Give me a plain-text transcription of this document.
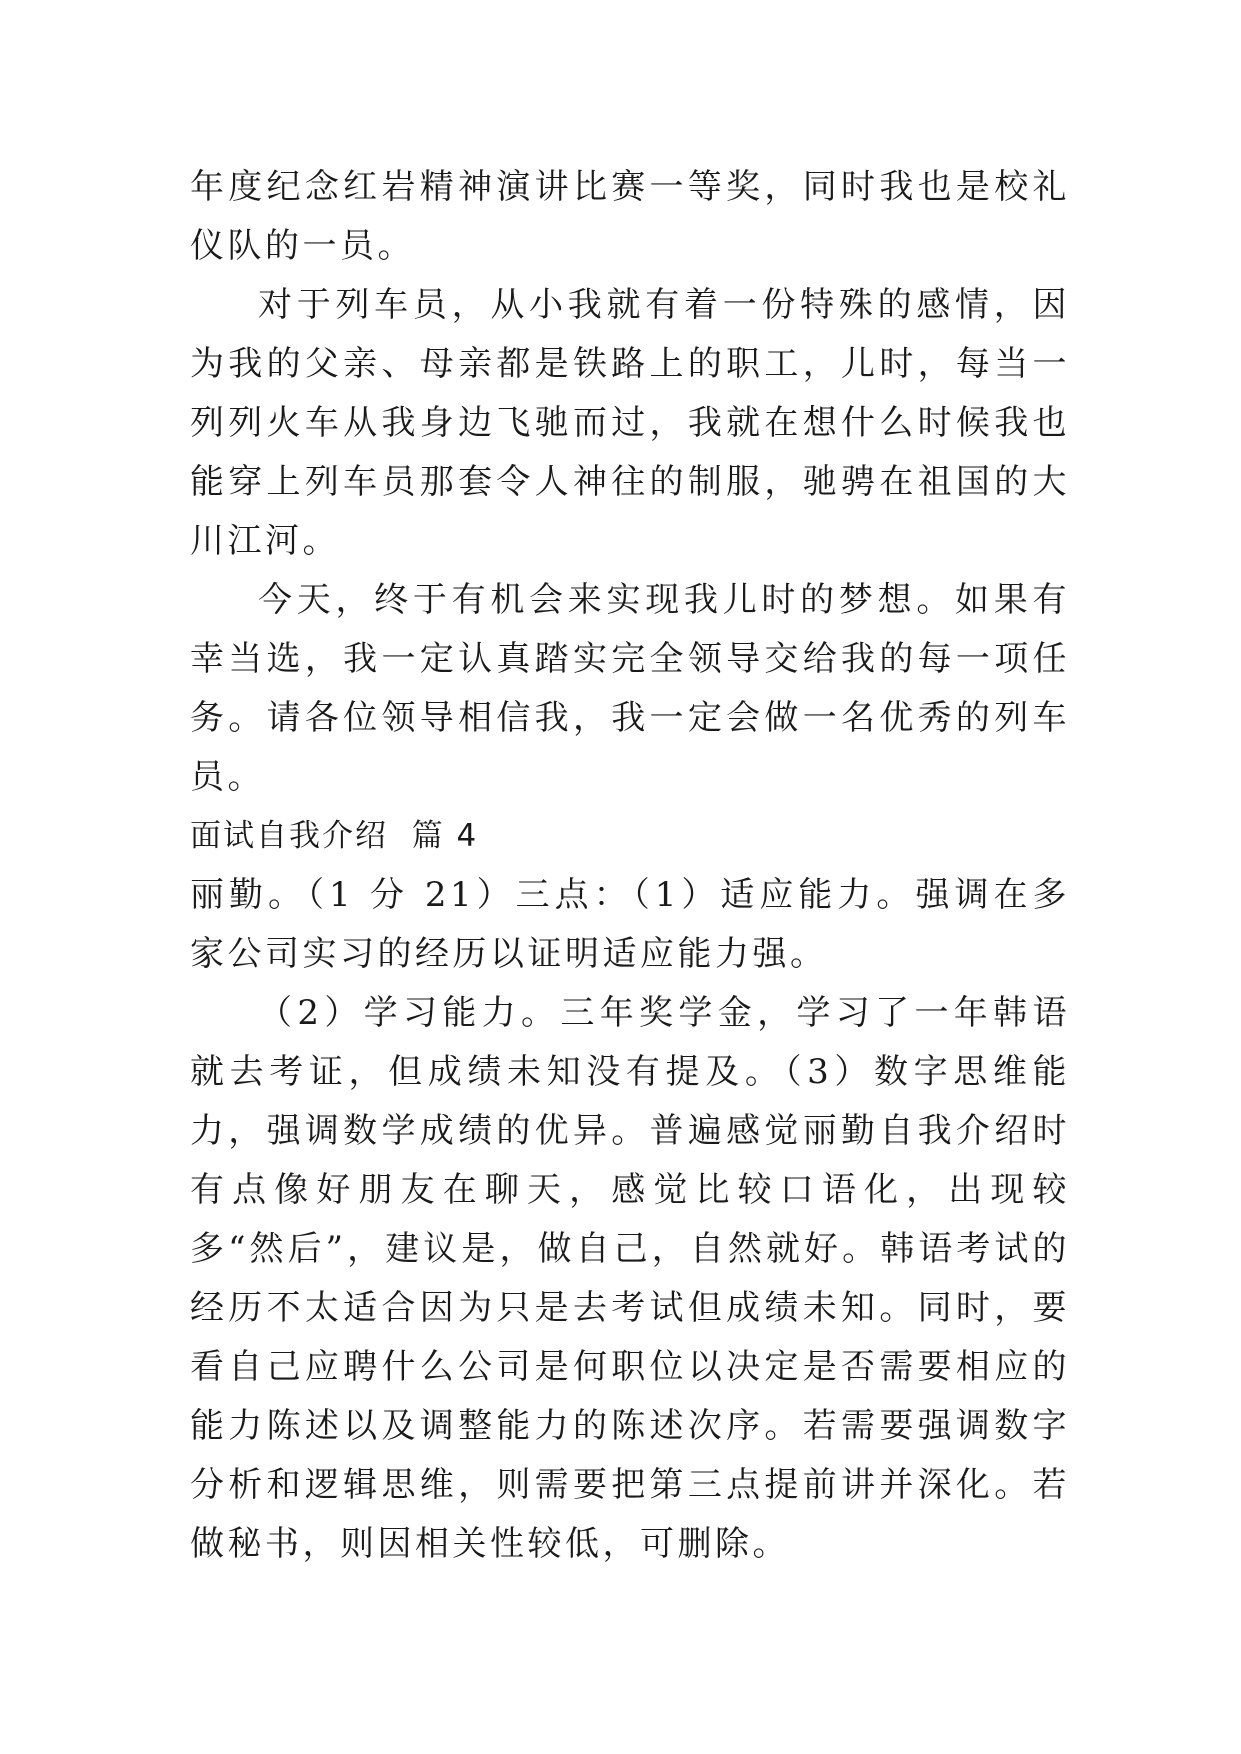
年度纪念红岩精神演讲比赛一等奖，同时我也是校礼仪队的一员。

对于列车员，从小我就有着一份特殊的感情，因为我的父亲、母亲都是铁路上的职工，儿时，每当一列列火车从我身边飞驰而过，我就在想什么时候我也能穿上列车员那套令人神往的制服，驰骋在祖国的大川江河。

今天，终于有机会来实现我儿时的梦想。如果有幸当选，我一定认真踏实完全领导交给我的每一项任务。请各位领导相信我，我一定会做一名优秀的列车员。

面试自我介绍  篇 4

丽勤。（1 分 21）三点：（1）适应能力。强调在多家公司实习的经历以证明适应能力强。

（2）学习能力。三年奖学金，学习了一年韩语就去考证，但成绩未知没有提及。（3）数字思维能力，强调数学成绩的优异。普遍感觉丽勤自我介绍时有点像好朋友在聊天，感觉比较口语化，出现较多“然后”，建议是，做自己，自然就好。韩语考试的经历不太适合因为只是去考试但成绩未知。同时，要看自己应聘什么公司是何职位以决定是否需要相应的能力陈述以及调整能力的陈述次序。若需要强调数字分析和逻辑思维，则需要把第三点提前讲并深化。若做秘书，则因相关性较低，可删除。
